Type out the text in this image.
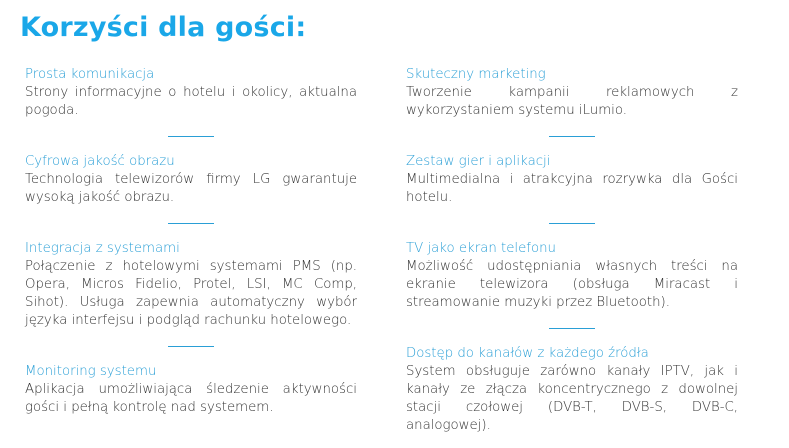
Korzyści dla gości:
Prosta komunikacja
Strony informacyjne o hotelu i okolicy, aktualna pogoda.
Cyfrowa jakość obrazu
Technologia telewizorów firmy LG gwarantuje wysoką jakość obrazu.
Integracja z systemami
Połączenie z hotelowymi systemami PMS (np. Opera, Micros Fidelio, Protel, LSI, MC Comp, Sihot). Usługa zapewnia automatyczny wybór języka interfejsu i podgląd rachunku hotelowego.
Monitoring systemu
Aplikacja umożliwiająca śledzenie aktywności gości i pełną kontrolę nad systemem.
Skuteczny marketing
Tworzenie kampanii reklamowych z wykorzystaniem systemu iLumio.
Zestaw gier i aplikacji
Multimedialna i atrakcyjna rozrywka dla Gości hotelu.
TV jako ekran telefonu
Możliwość udostępniania własnych treści na ekranie telewizora (obsługa Miracast i streamowanie muzyki przez Bluetooth).
Dostęp do kanałów z każdego źródła
System obsługuje zarówno kanały IPTV, jak i kanały ze złącza koncentrycznego z dowolnej stacji czołowej (DVB-T, DVB-S, DVB-C, analogowej).
